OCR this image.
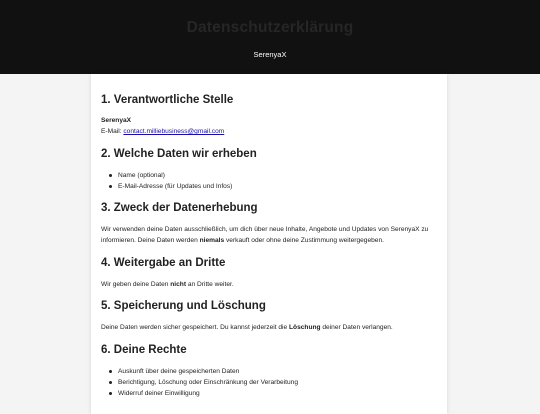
Datenschutzerklärung
SerenyaX
1. Verantwortliche Stelle
SerenyaX
E-Mail: contact.milliebusiness@gmail.com
2. Welche Daten wir erheben
Name (optional)
E-Mail-Adresse (für Updates und Infos)
3. Zweck der Datenerhebung
Wir verwenden deine Daten ausschließlich, um dich über neue Inhalte, Angebote und Updates von SerenyaX zu informieren. Deine Daten werden niemals verkauft oder ohne deine Zustimmung weitergegeben.
4. Weitergabe an Dritte
Wir geben deine Daten nicht an Dritte weiter.
5. Speicherung und Löschung
Deine Daten werden sicher gespeichert. Du kannst jederzeit die Löschung deiner Daten verlangen.
6. Deine Rechte
Auskunft über deine gespeicherten Daten
Berichtigung, Löschung oder Einschränkung der Verarbeitung
Widerruf deiner Einwilligung
